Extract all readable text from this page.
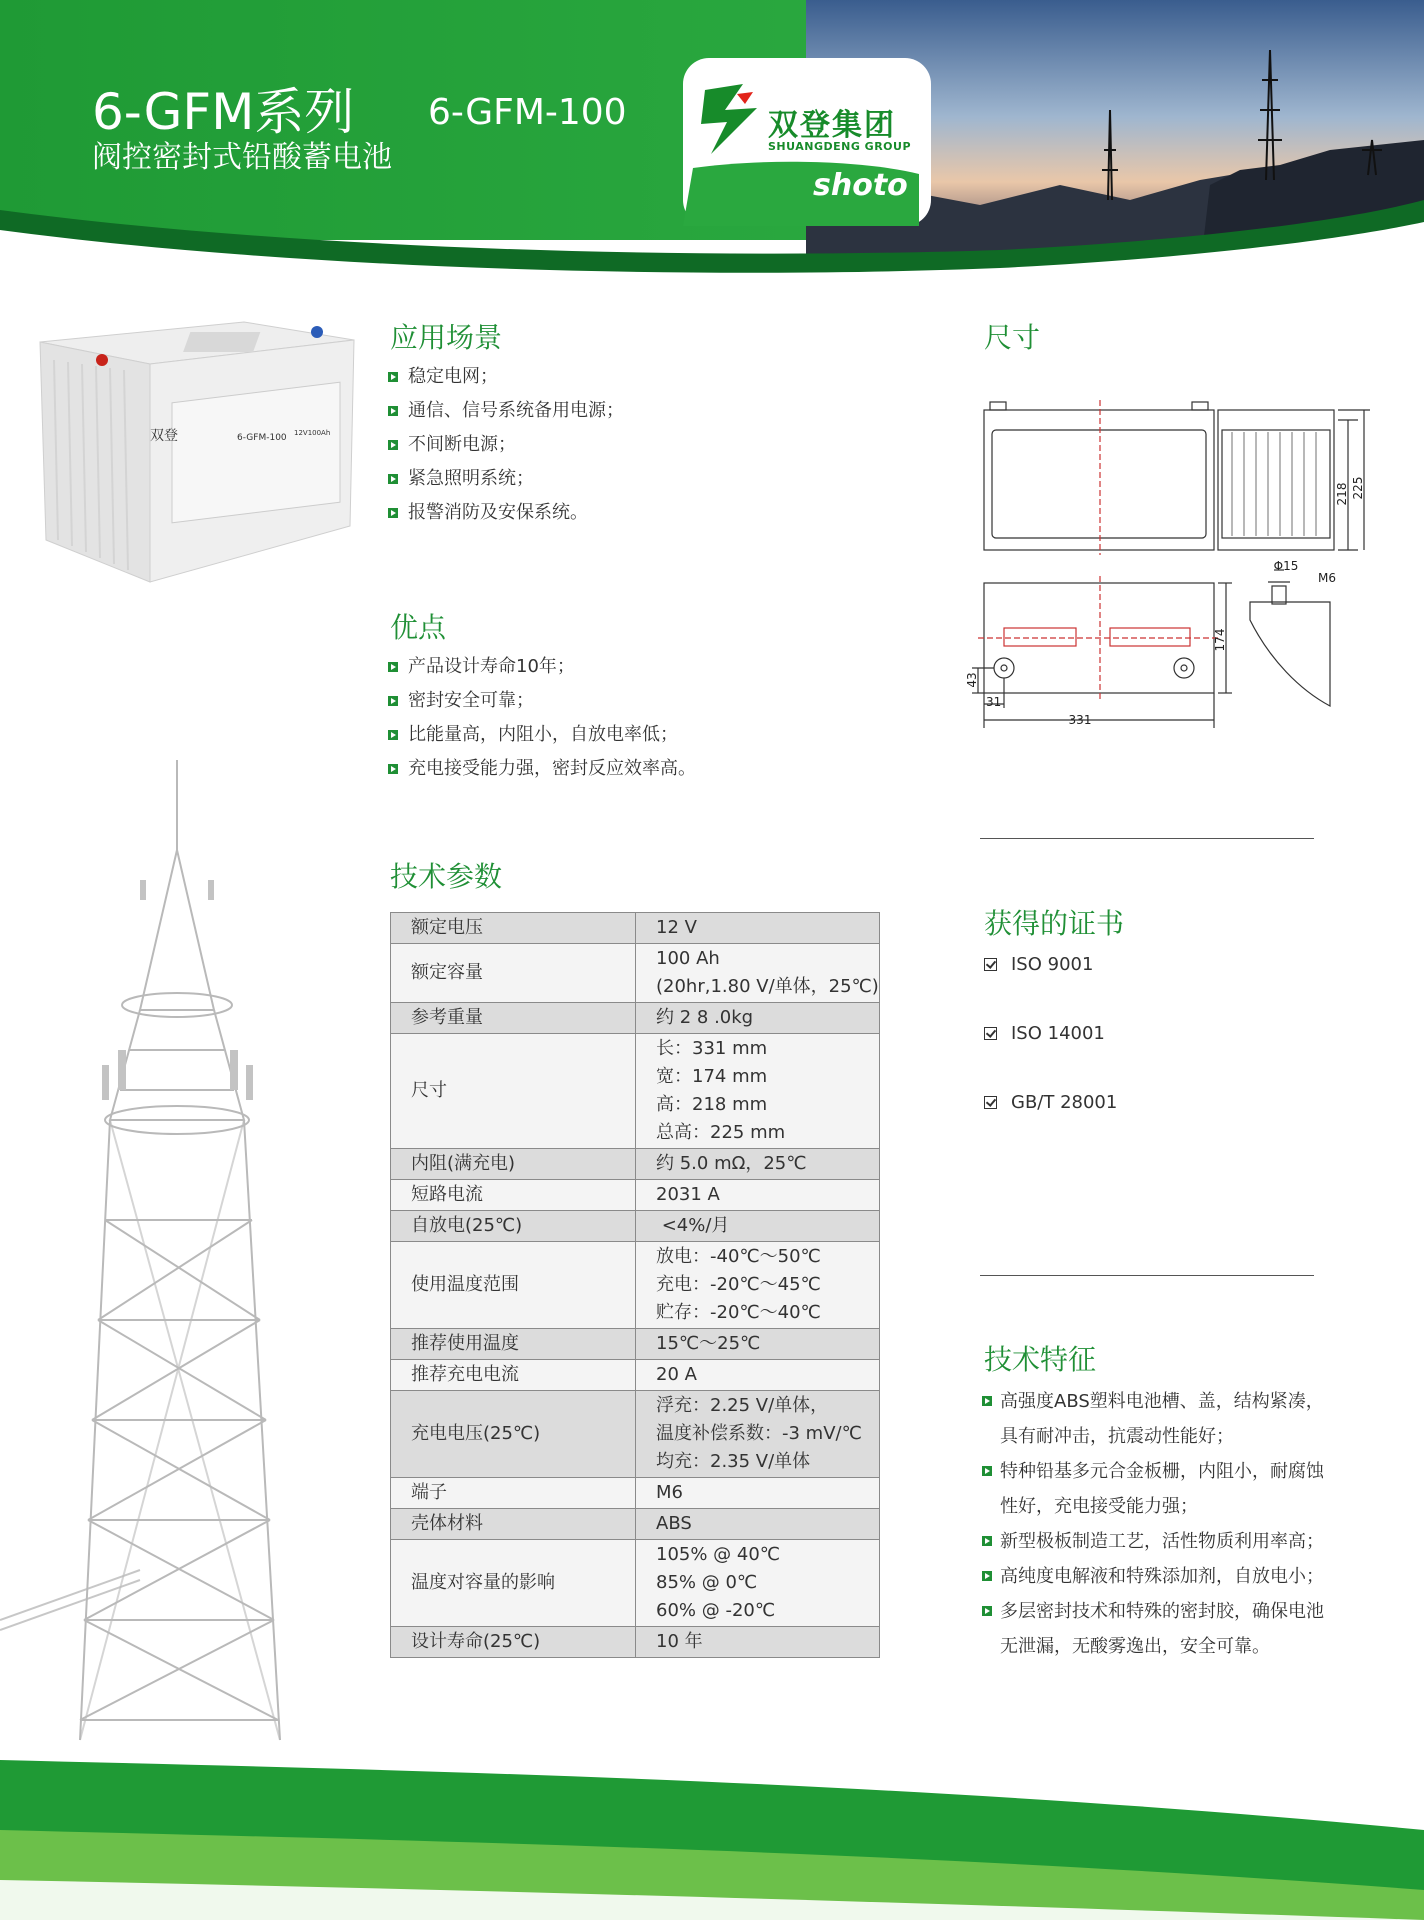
6-GFM系列
阀控密封式铅酸蓄电池
6-GFM-100	双登集团
SHUANGDENG GROUP
shoto
双登	6-GFM-100 12V100Ah
应用场景
稳定电网；
通信、信号系统备用电源；
不间断电源；
紧急照明系统；
报警消防及安保系统。
优点
产品设计寿命10年；
密封安全可靠；
比能量高，内阻小，自放电率低；
充电接受能力强，密封反应效率高。
技术参数
额定电压	12 V

额定容量	100 Ah
(20hr,1.80 V/单体，25℃)

参考重量	约 2 8 .0kg

尺寸	长：331 mm
宽：174 mm
高：218 mm
总高：225 mm

内阻(满充电)	约 5.0 mΩ，25℃

短路电流	2031 A

自放电(25℃)	<4%/月

使用温度范围	放电：-40℃～50℃
充电：-20℃～45℃
贮存：-20℃～40℃

推荐使用温度	15℃～25℃

推荐充电电流	20 A

充电电压(25℃)	浮充：2.25 V/单体，
温度补偿系数：-3 mV/℃
均充：2.35 V/单体

端子	M6

壳体材料	ABS

温度对容量的影响	105% @ 40℃
85% @ 0℃
60% @ -20℃

设计寿命(25℃)	10 年
尺寸
218 225
174
331
43
31
Φ15
M6
获得的证书
ISO 9001
ISO 14001
GB/T 28001
技术特征
高强度ABS塑料电池槽、盖，结构紧凑，
具有耐冲击，抗震动性能好；
特种铅基多元合金板栅，内阻小，耐腐蚀
性好，充电接受能力强；
新型极板制造工艺，活性物质利用率高；
高纯度电解液和特殊添加剂，自放电小；
多层密封技术和特殊的密封胶，确保电池
无泄漏，无酸雾逸出，安全可靠。
